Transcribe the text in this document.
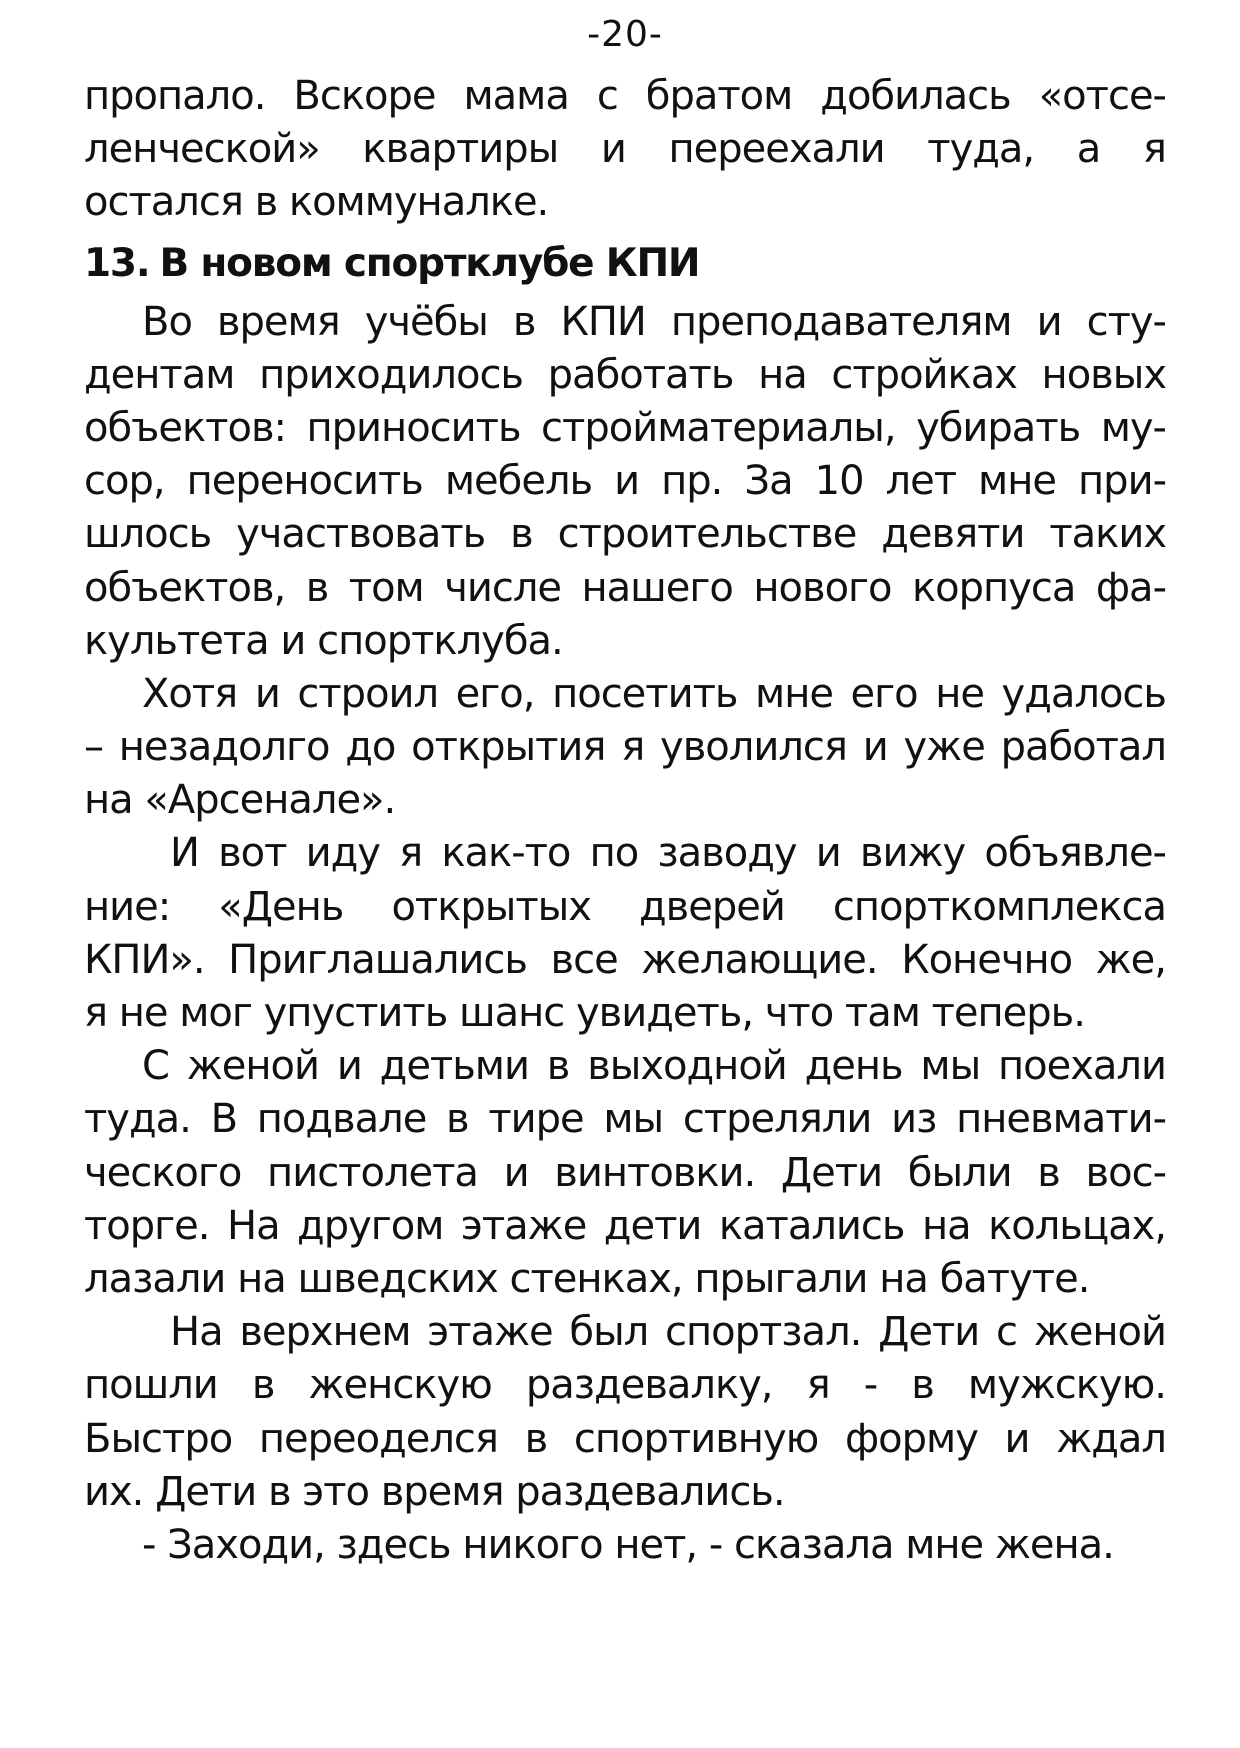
-20-
пропало. Вскоре мама с братом добилась «отсе-
ленческой» квартиры и переехали туда, а я
остался в коммуналке.
13. В новом спортклубе КПИ
Во время учёбы в КПИ преподавателям и сту-
дентам приходилось работать на стройках новых
объектов: приносить стройматериалы, убирать му-
сор, переносить мебель и пр. За 10 лет мне при-
шлось участвовать в строительстве девяти таких
объектов, в том числе нашего нового корпуса фа-
культета и спортклуба.
Хотя и строил его, посетить мне его не удалось
– незадолго до открытия я уволился и уже работал
на «Арсенале».
И вот иду я как-то по заводу и вижу объявле-
ние: «День открытых дверей спорткомплекса
КПИ». Приглашались все желающие. Конечно же,
я не мог упустить шанс увидеть, что там теперь.
С женой и детьми в выходной день мы поехали
туда. В подвале в тире мы стреляли из пневмати-
ческого пистолета и винтовки. Дети были в вос-
торге. На другом этаже дети катались на кольцах,
лазали на шведских стенках, прыгали на батуте.
На верхнем этаже был спортзал. Дети с женой
пошли в женскую раздевалку, я - в мужскую.
Быстро переоделся в спортивную форму и ждал
их. Дети в это время раздевались.
- Заходи, здесь никого нет, - сказала мне жена.
